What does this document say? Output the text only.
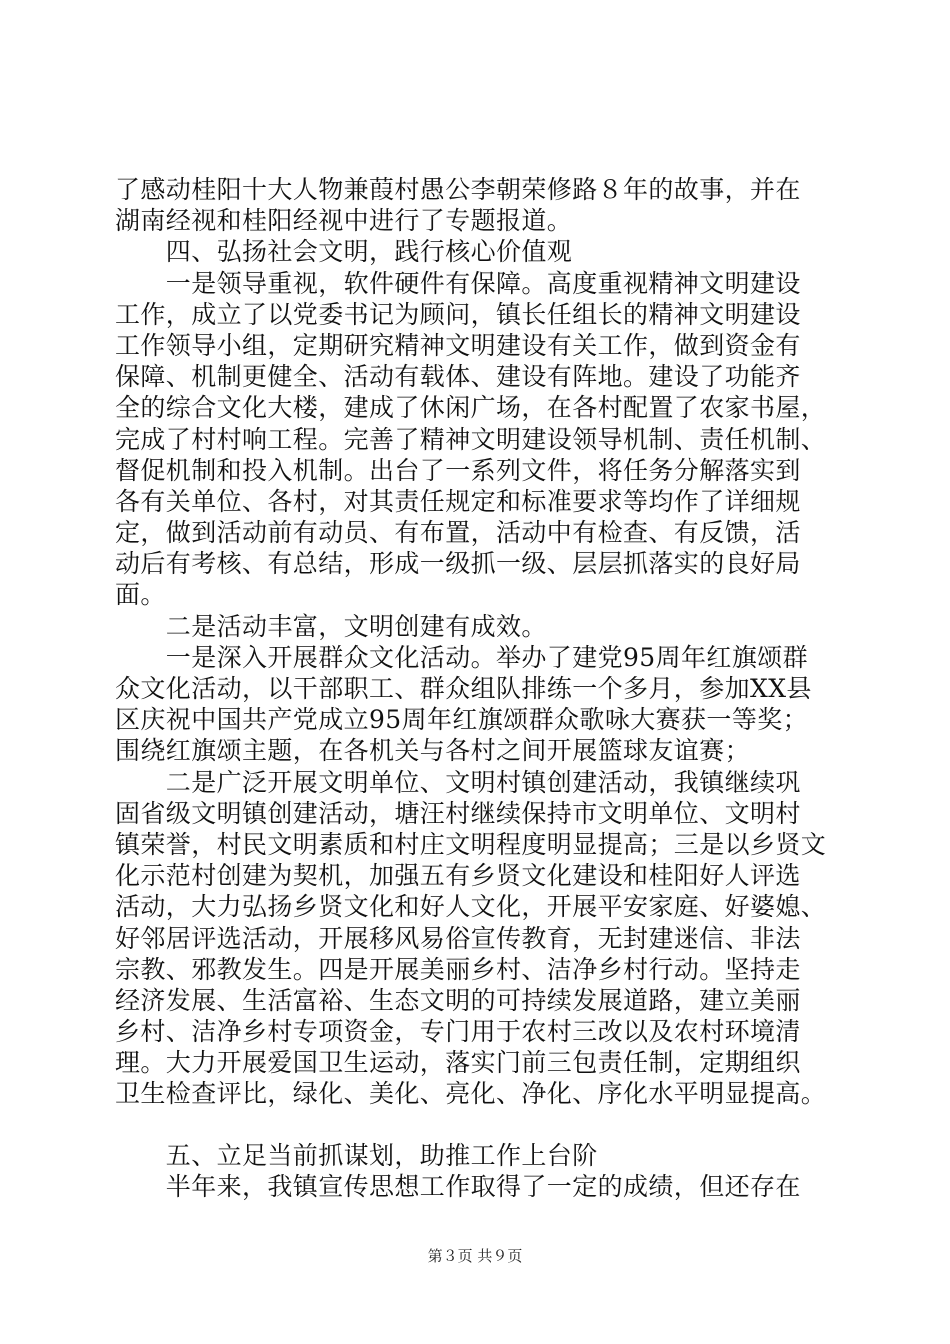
了感动桂阳十大人物兼葭村愚公李朝荣修路８年的故事，并在
湖南经视和桂阳经视中进行了专题报道。
　　四、弘扬社会文明，践行核心价值观
　　一是领导重视，软件硬件有保障。高度重视精神文明建设
工作，成立了以党委书记为顾问，镇长任组长的精神文明建设
工作领导小组，定期研究精神文明建设有关工作，做到资金有
保障、机制更健全、活动有载体、建设有阵地。建设了功能齐
全的综合文化大楼，建成了休闲广场，在各村配置了农家书屋，
完成了村村响工程。完善了精神文明建设领导机制、责任机制、
督促机制和投入机制。出台了一系列文件，将任务分解落实到
各有关单位、各村，对其责任规定和标准要求等均作了详细规
定，做到活动前有动员、有布置，活动中有检查、有反馈，活
动后有考核、有总结，形成一级抓一级、层层抓落实的良好局
面。
　　二是活动丰富，文明创建有成效。
　　一是深入开展群众文化活动。举办了建党95周年红旗颂群
众文化活动，以干部职工、群众组队排练一个多月，参加XX县
区庆祝中国共产党成立95周年红旗颂群众歌咏大赛获一等奖；
围绕红旗颂主题，在各机关与各村之间开展篮球友谊赛；
　　二是广泛开展文明单位、文明村镇创建活动，我镇继续巩
固省级文明镇创建活动，塘汪村继续保持市文明单位、文明村
镇荣誉，村民文明素质和村庄文明程度明显提高；三是以乡贤文
化示范村创建为契机，加强五有乡贤文化建设和桂阳好人评选
活动，大力弘扬乡贤文化和好人文化，开展平安家庭、好婆媳、
好邻居评选活动，开展移风易俗宣传教育，无封建迷信、非法
宗教、邪教发生。四是开展美丽乡村、洁净乡村行动。坚持走
经济发展、生活富裕、生态文明的可持续发展道路，建立美丽
乡村、洁净乡村专项资金，专门用于农村三改以及农村环境清
理。大力开展爱国卫生运动，落实门前三包责任制，定期组织
卫生检查评比，绿化、美化、亮化、净化、序化水平明显提高。
　　五、立足当前抓谋划，助推工作上台阶
　　半年来，我镇宣传思想工作取得了一定的成绩，但还存在
第３页 共９页
